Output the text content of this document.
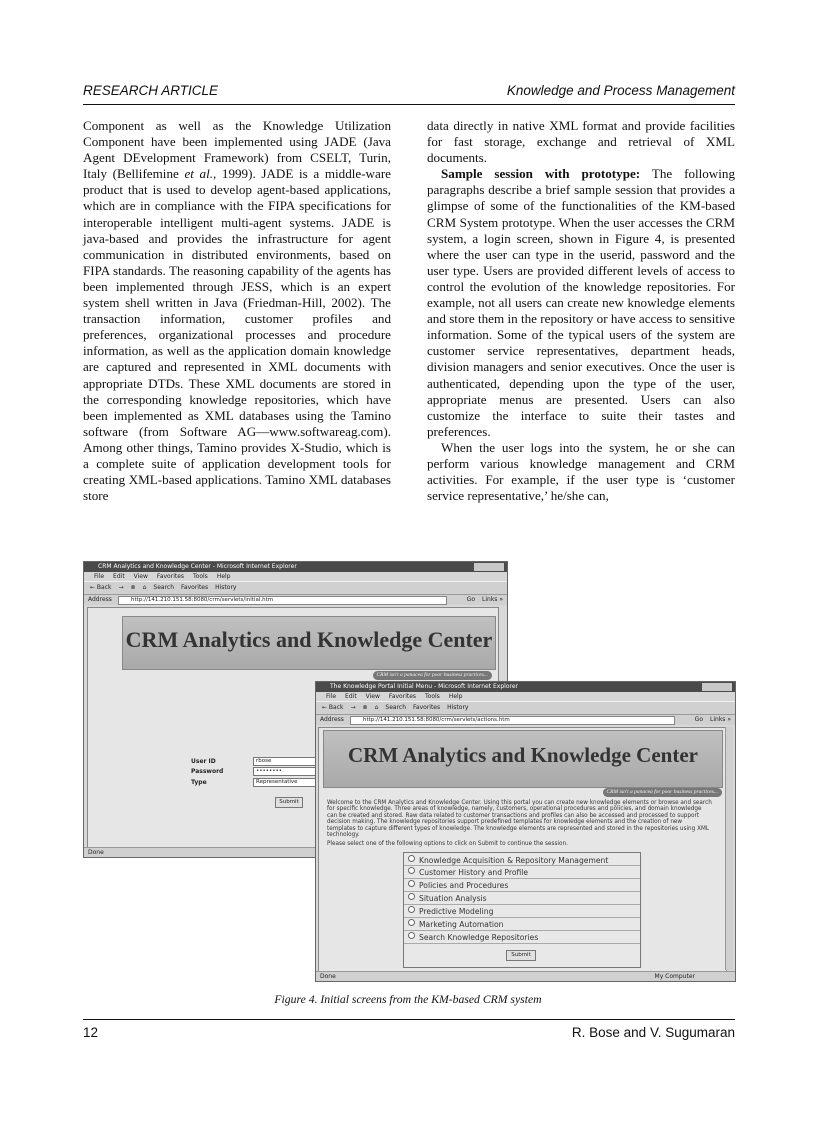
RESEARCH ARTICLE	Knowledge and Process Management

Component as well as the Knowledge Utilization Component have been implemented using JADE (Java Agent DEvelopment Framework) from CSELT, Turin, Italy (Bellifemine et al., 1999). JADE is a middle-ware product that is used to develop agent-based applications, which are in compliance with the FIPA specifications for interoperable intelligent multi-agent systems. JADE is java-based and provides the infrastructure for agent communication in distributed environments, based on FIPA standards. The reasoning capability of the agents has been implemented through JESS, which is an expert system shell written in Java (Friedman-Hill, 2002). The transaction information, customer profiles and preferences, organizational processes and procedure information, as well as the application domain knowledge are captured and represented in XML documents with appropriate DTDs. These XML documents are stored in the corresponding knowledge repositories, which have been implemented as XML databases using the Tamino software (from Software AG—www.softwareag.com). Among other things, Tamino provides X-Studio, which is a complete suite of application development tools for creating XML-based applications. Tamino XML databases store

data directly in native XML format and provide facilities for fast storage, exchange and retrieval of XML documents.

Sample session with prototype: The following paragraphs describe a brief sample session that provides a glimpse of some of the functionalities of the KM-based CRM System prototype. When the user accesses the CRM system, a login screen, shown in Figure 4, is presented where the user can type in the userid, password and the user type. Users are provided different levels of access to control the evolution of the knowledge repositories. For example, not all users can create new knowledge elements and store them in the repository or have access to sensitive information. Some of the typical users of the system are customer service representatives, department heads, division managers and senior executives. Once the user is authenticated, depending upon the type of the user, appropriate menus are presented. Users can also customize the interface to suite their tastes and preferences.

When the user logs into the system, he or she can perform various knowledge management and CRM activities. For example, if the user type is ‘customer service representative,’ he/she can,

CRM Analytics and Knowledge Center - Microsoft Internet Explorer
File Edit View Favorites Tools Help
← Back → ⊗ ⌂ Search Favorites History
Address	http://141.210.151.58:8080/crm/servlets/initial.htm	Go Links »
CRM Analytics and Knowledge Center
CRM isn't a panacea for poor business practices...
User ID	rbose
Password	••••••••
Type	Representative
Submit
Done
The Knowledge Portal Initial Menu - Microsoft Internet Explorer
File Edit View Favorites Tools Help
← Back → ⊗ ⌂ Search Favorites History
Address	http://141.210.151.58:8080/crm/servlets/actions.htm	Go Links »
CRM Analytics and Knowledge Center
CRM isn't a panacea for poor business practices...
Welcome to the CRM Analytics and Knowledge Center. Using this portal you can create new knowledge elements or browse and search for specific knowledge. Three areas of knowledge, namely, customers, operational procedures and policies, and domain knowledge can be created and stored. Raw data related to customer transactions and profiles can also be accessed and processed to support decision making. The knowledge repositories support predefined templates for knowledge elements and the creation of new templates to capture different types of knowledge. The knowledge elements are represented and stored in the repositories using XML technology.
Please select one of the following options to click on Submit to continue the session.
Knowledge Acquisition & Repository Management
Customer History and Profile
Policies and Procedures
Situation Analysis
Predictive Modeling
Marketing Automation
Search Knowledge Repositories
Submit
Done	My Computer
Figure 4. Initial screens from the KM-based CRM system
12	R. Bose and V. Sugumaran
